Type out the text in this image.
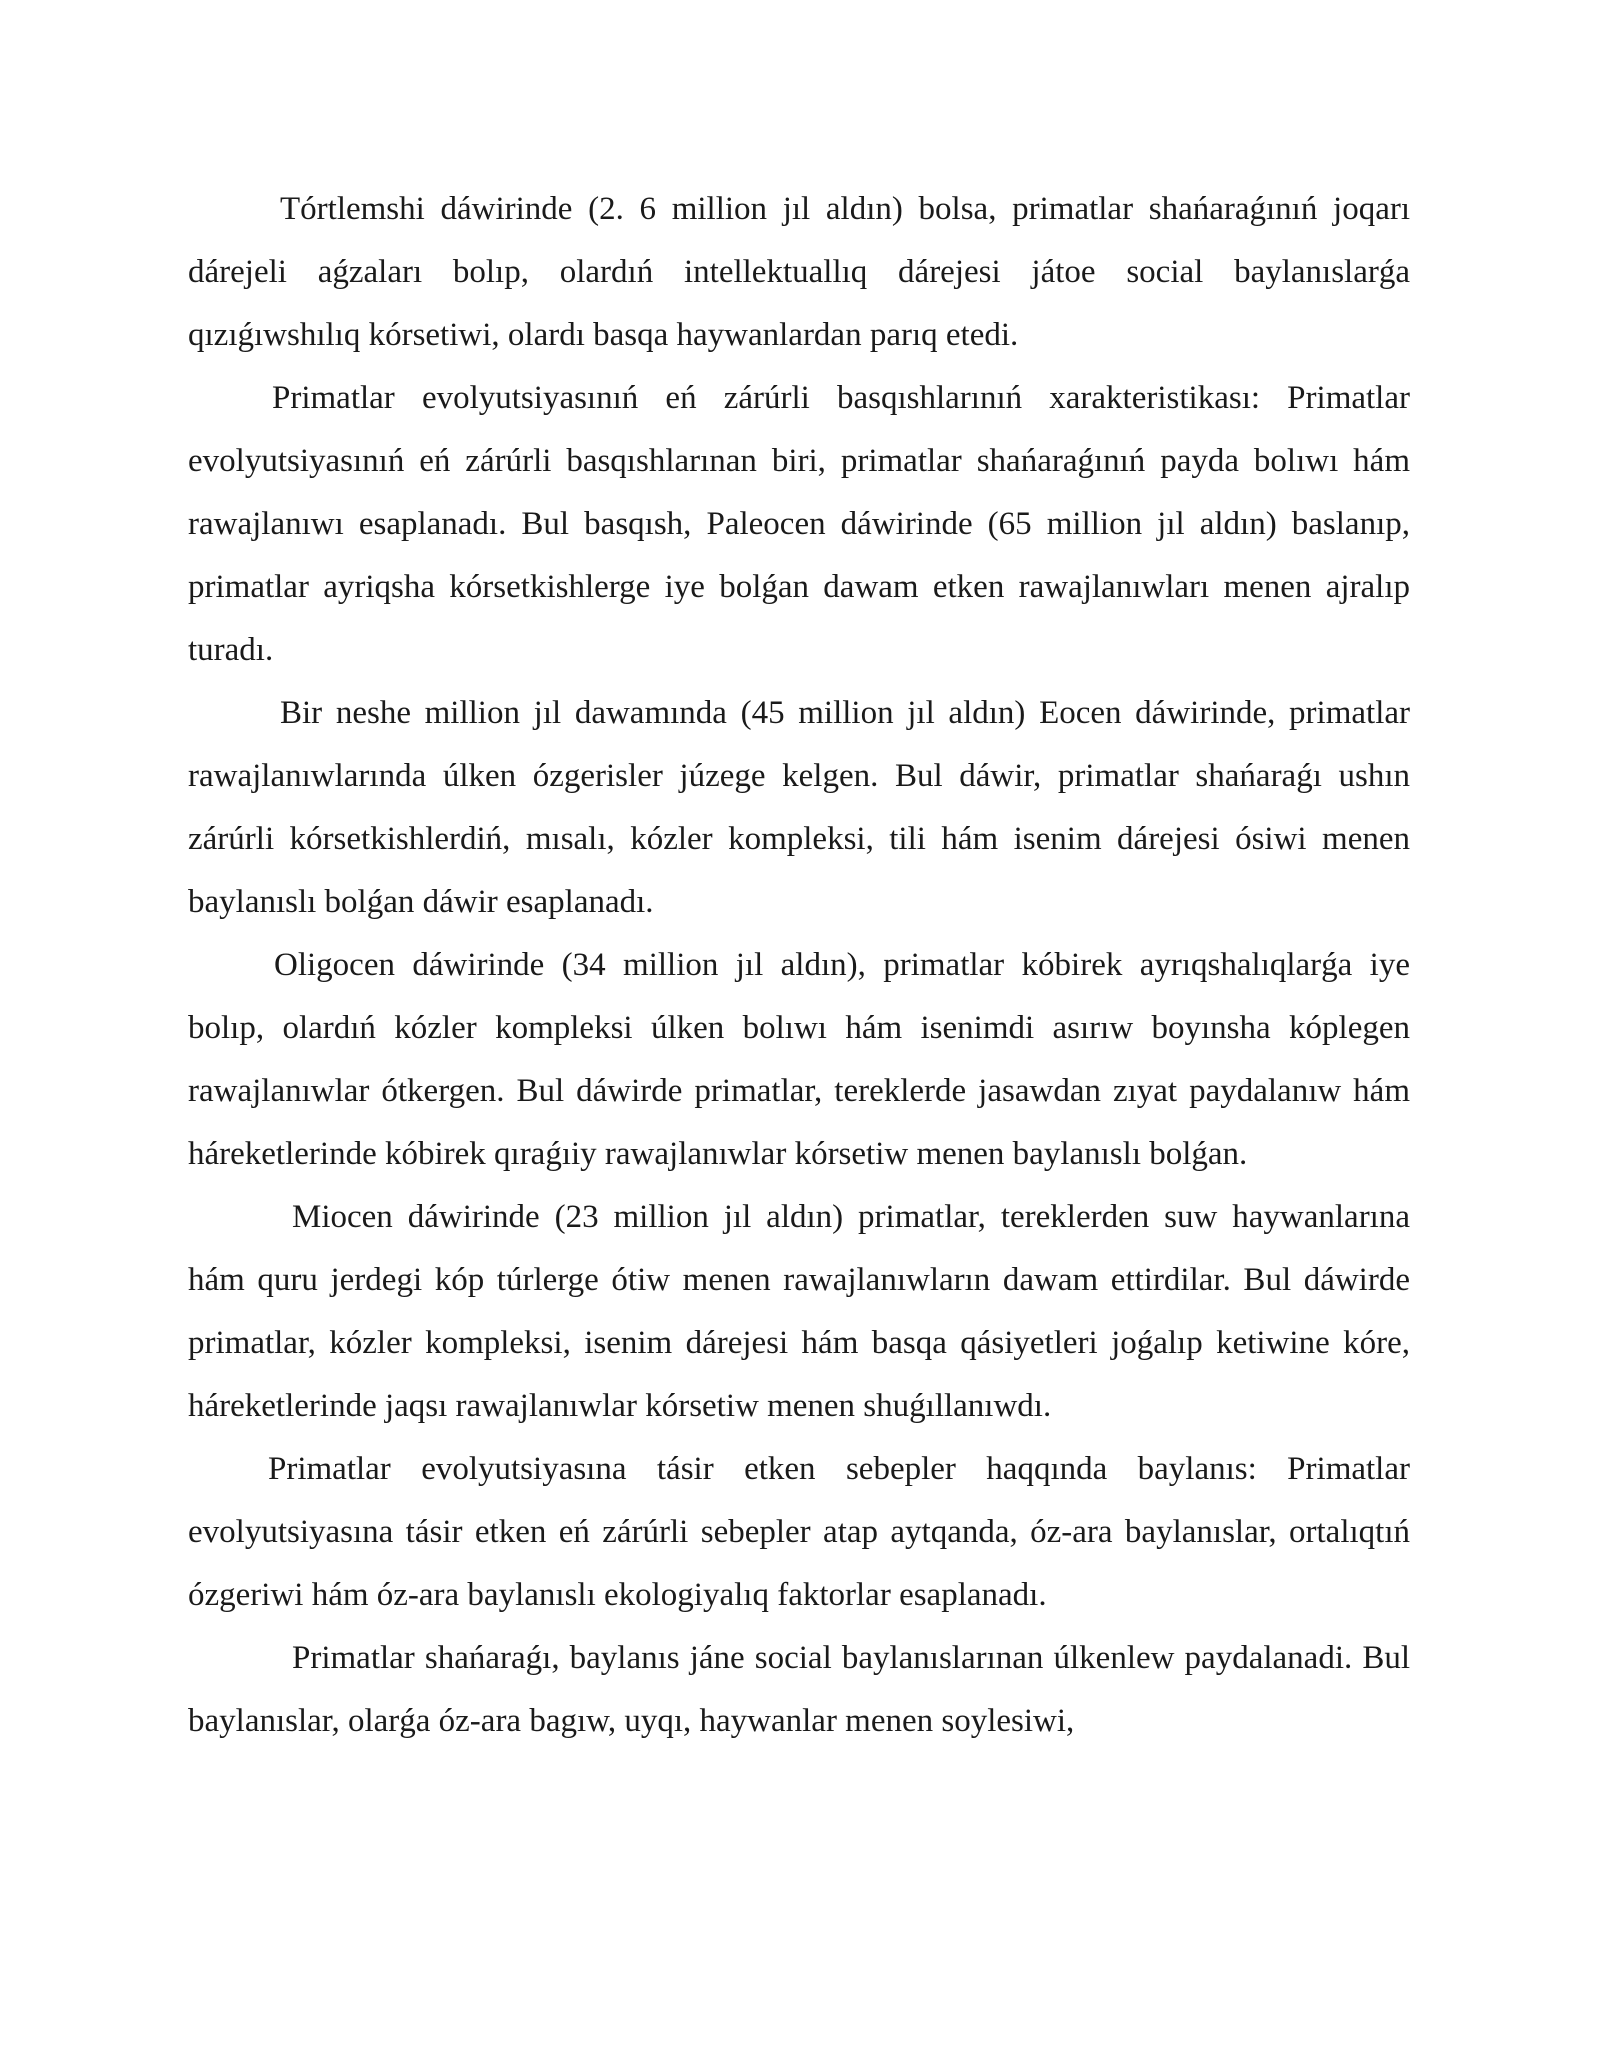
Tórtlemshi dáwirinde (2. 6 million jıl aldın) bolsa, primatlar shańaraǵınıń joqarı dárejeli aǵzaları bolıp, olardıń intellektuallıq dárejesi játoe social baylanıslarǵa qızıǵıwshılıq kórsetiwi, olardı basqa haywanlardan parıq etedi.

Primatlar evolyutsiyasınıń eń zárúrli basqıshlarınıń xarakteristikası: Primatlar evolyutsiyasınıń eń zárúrli basqıshlarınan biri, primatlar shańaraǵınıń payda bolıwı hám rawajlanıwı esaplanadı. Bul basqısh, Paleocen dáwirinde (65 million jıl aldın) baslanıp, primatlar ayriqsha kórsetkishlerge iye bolǵan dawam etken rawajlanıwları menen ajralıp turadı.

Bir neshe million jıl dawamında (45 million jıl aldın) Eocen dáwirinde, primatlar rawajlanıwlarında úlken ózgerisler júzege kelgen. Bul dáwir, primatlar shańaraǵı ushın zárúrli kórsetkishlerdiń, mısalı, kózler kompleksi, tili hám isenim dárejesi ósiwi menen baylanıslı bolǵan dáwir esaplanadı.

Oligocen dáwirinde (34 million jıl aldın), primatlar kóbirek ayrıqshalıqlarǵa iye bolıp, olardıń kózler kompleksi úlken bolıwı hám isenimdi asırıw boyınsha kóplegen rawajlanıwlar ótkergen. Bul dáwirde primatlar, tereklerde jasawdan zıyat paydalanıw hám háreketlerinde kóbirek qıraǵıiy rawajlanıwlar kórsetiw menen baylanıslı bolǵan.

Miocen dáwirinde (23 million jıl aldın) primatlar, tereklerden suw haywanlarına hám quru jerdegi kóp túrlerge ótiw menen rawajlanıwların dawam ettirdilar. Bul dáwirde primatlar, kózler kompleksi, isenim dárejesi hám basqa qásiyetleri joǵalıp ketiwine kóre, háreketlerinde jaqsı rawajlanıwlar kórsetiw menen shuǵıllanıwdı.

Primatlar evolyutsiyasına tásir etken sebepler haqqında baylanıs: Primatlar evolyutsiyasına tásir etken eń zárúrli sebepler atap aytqanda, óz-ara baylanıslar, ortalıqtıń ózgeriwi hám óz-ara baylanıslı ekologiyalıq faktorlar esaplanadı.

Primatlar shańaraǵı, baylanıs jáne social baylanıslarınan úlkenlew paydalanadi. Bul baylanıslar, olarǵa óz-ara bagıw, uyqı, haywanlar menen soylesiwi,
